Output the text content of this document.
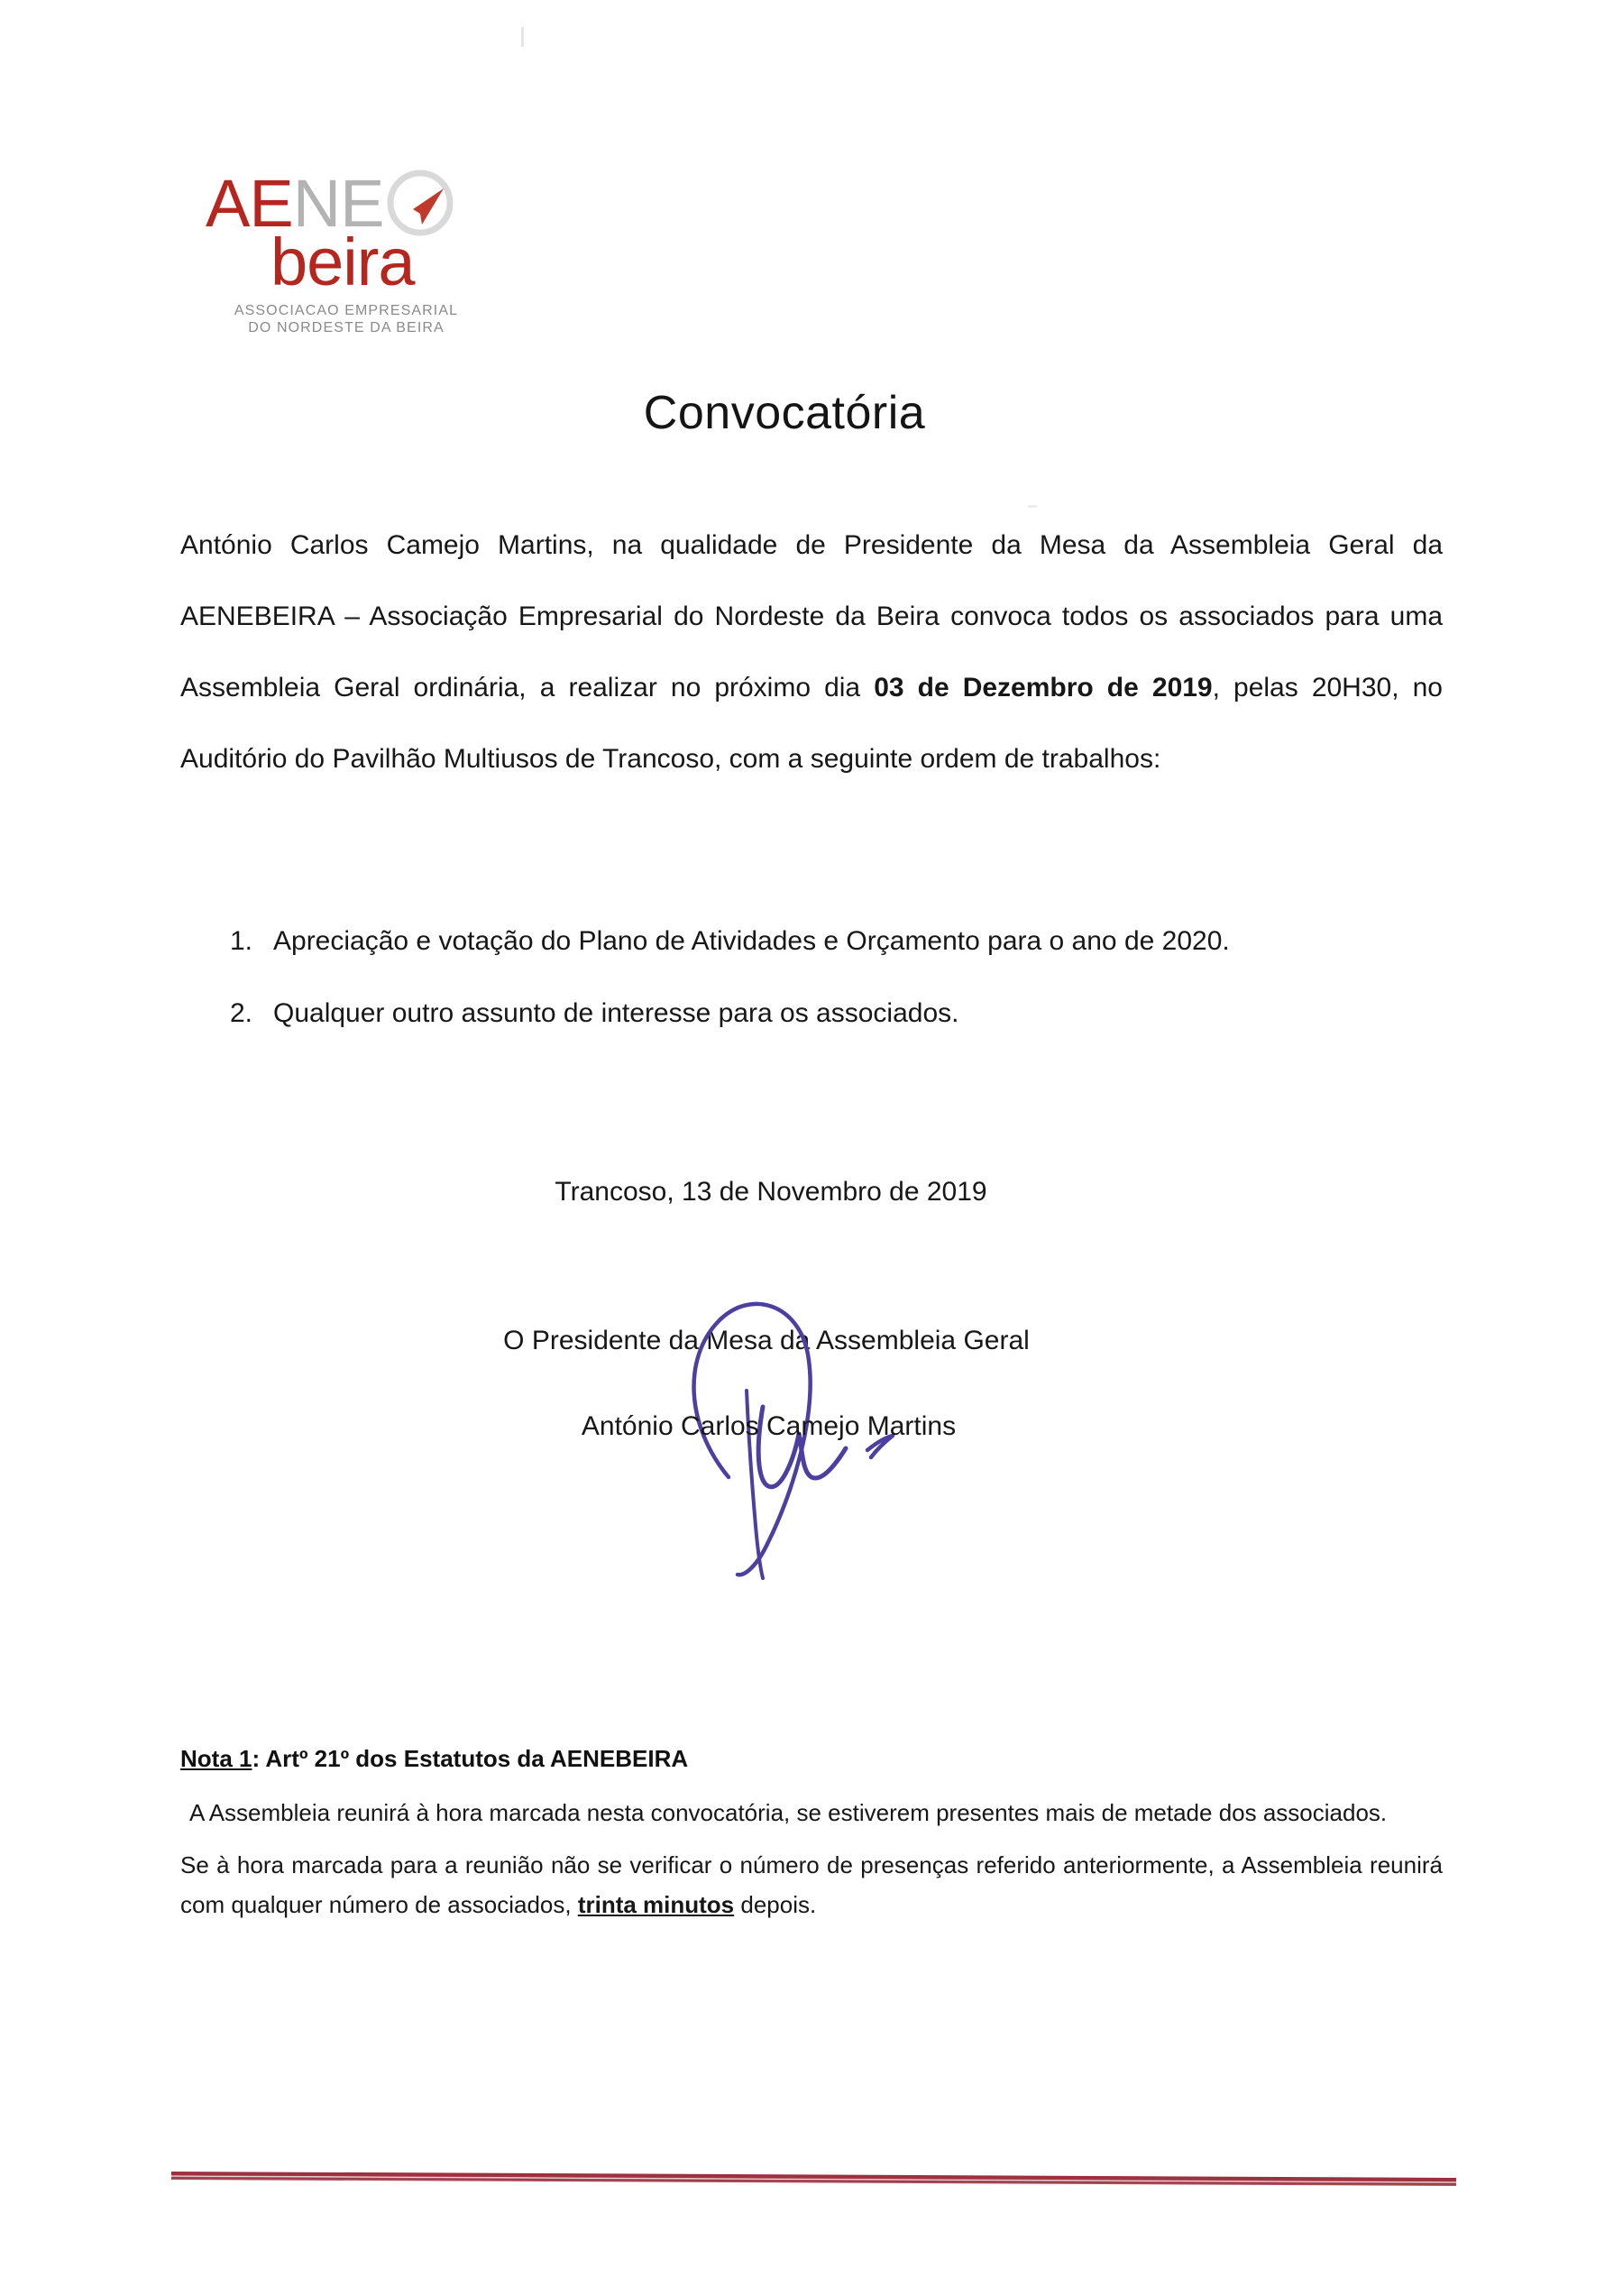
AENE
beira
ASSOCIACAO EMPRESARIAL
DO NORDESTE DA BEIRA
Convocatória
António Carlos Camejo Martins, na qualidade de Presidente da Mesa da Assembleia Geral da AENEBEIRA – Associação Empresarial do Nordeste da Beira convoca todos os associados para uma Assembleia Geral ordinária, a realizar no próximo dia 03 de Dezembro de 2019, pelas 20H30, no Auditório do Pavilhão Multiusos de Trancoso, com a seguinte ordem de trabalhos:
1. Apreciação e votação do Plano de Atividades e Orçamento para o ano de 2020.
2. Qualquer outro assunto de interesse para os associados.
Trancoso, 13 de Novembro de 2019
O Presidente da Mesa da Assembleia Geral
António Carlos Camejo Martins
Nota 1: Artº 21º dos Estatutos da AENEBEIRA
A Assembleia reunirá à hora marcada nesta convocatória, se estiverem presentes mais de metade dos associados.
Se à hora marcada para a reunião não se verificar o número de presenças referido anteriormente, a Assembleia reunirá com qualquer número de associados, trinta minutos depois.
